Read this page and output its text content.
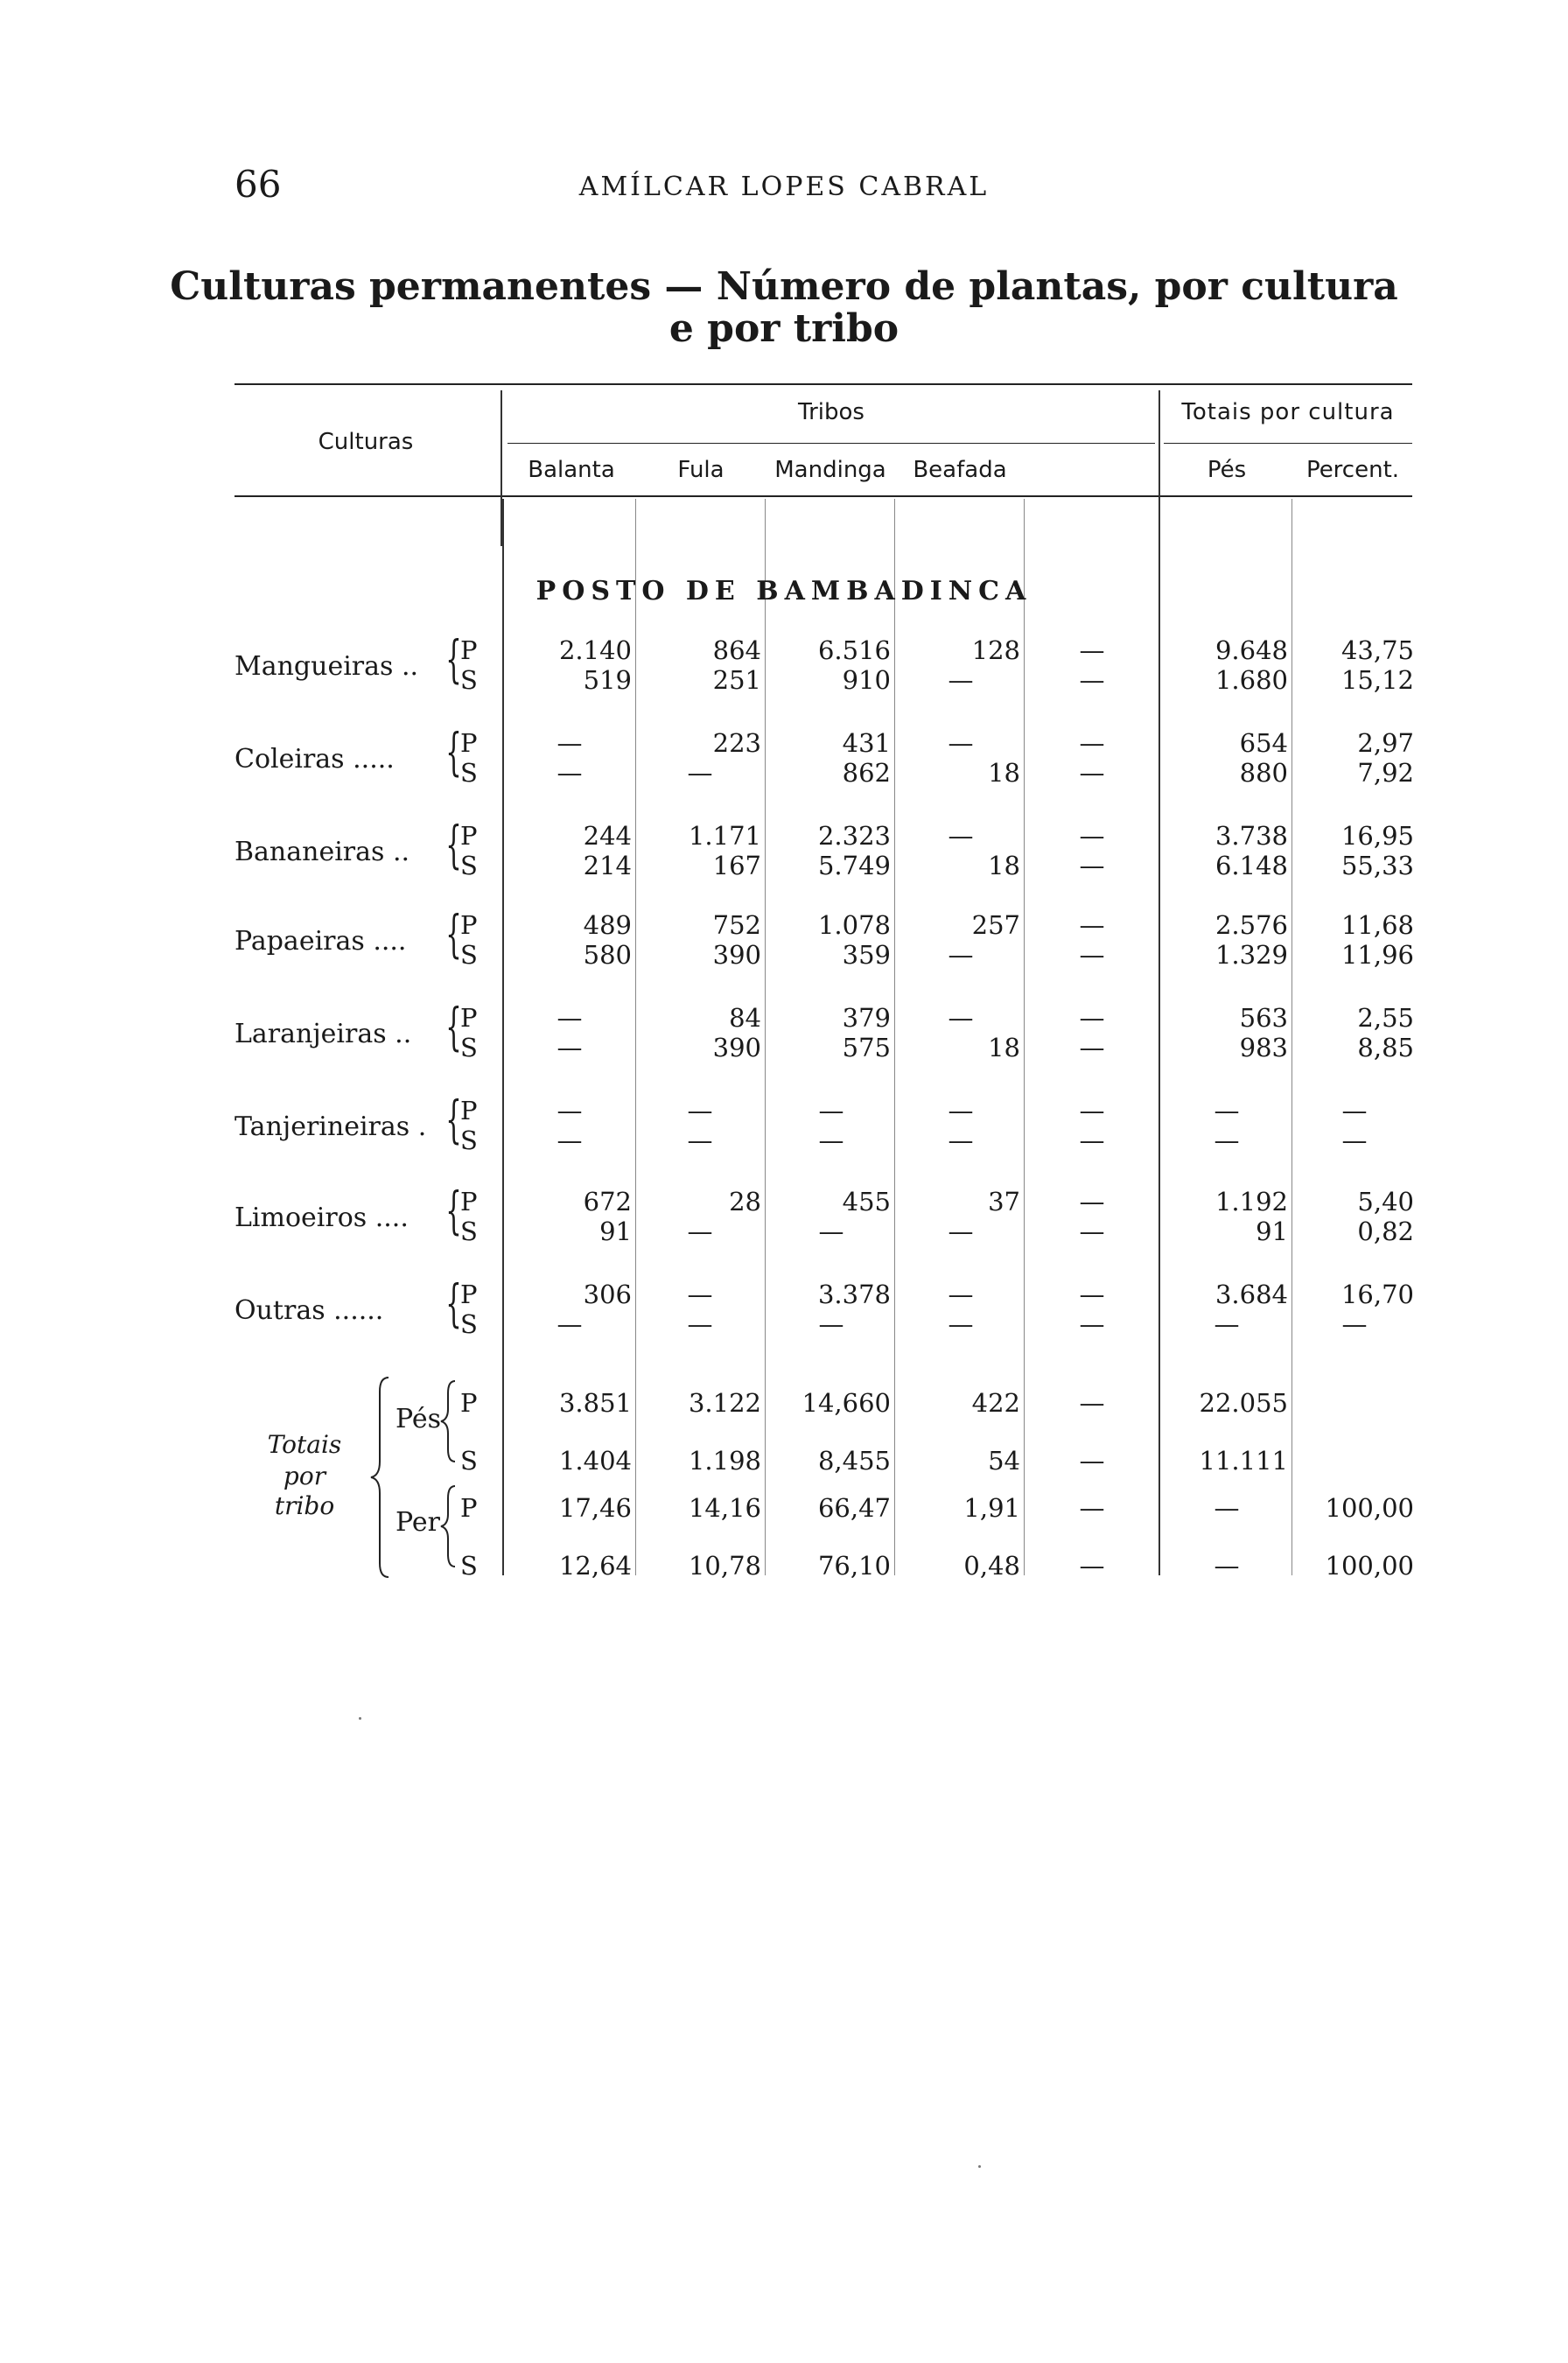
66	AMÍLCAR LOPES CABRAL
Culturas permanentes — Número de plantas, por cultura
e por tribo
Culturas
Tribos	Totais por cultura
Balanta	Fula	Mandinga	Beafada	Pés	Percent.
POSTO DE BAMBADINCA
Mangueiras .. {
P	2.140	864	6.516	128	—	9.648	43,75
S	519	251	910	—	—	1.680	15,12
Coleiras ..... {
P	—	223	431	—	—	654	2,97
S	—	—	862	18	—	880	7,92
Bananeiras .. {
P	244	1.171	2.323	—	—	3.738	16,95
S	214	167	5.749	18	—	6.148	55,33
Papaeiras .... {
P	489	752	1.078	257	—	2.576	11,68
S	580	390	359	—	—	1.329	11,96
Laranjeiras .. {
P	—	84	379	—	—	563	2,55
S	—	390	575	18	—	983	8,85
Tanjerineiras . {
P	—	—	—	—	—	—	—
S	—	—	—	—	—	—	—
Limoeiros .... {
P	672	28	455	37	—	1.192	5,40
S	91	—	—	—	—	91	0,82
Outras ...... {
P	306	—	3.378	—	—	3.684	16,70
S	—	—	—	—	—	—	—
P	3.851	3.122	14,660	422	—	22.055
S	1.404	1.198	8,455	54	—	11.111
P	17,46	14,16	66,47	1,91	—	—	100,00
S	12,64	10,78	76,10	0,48	—	—	100,00
Totais
por
tribo
Pés
Per
